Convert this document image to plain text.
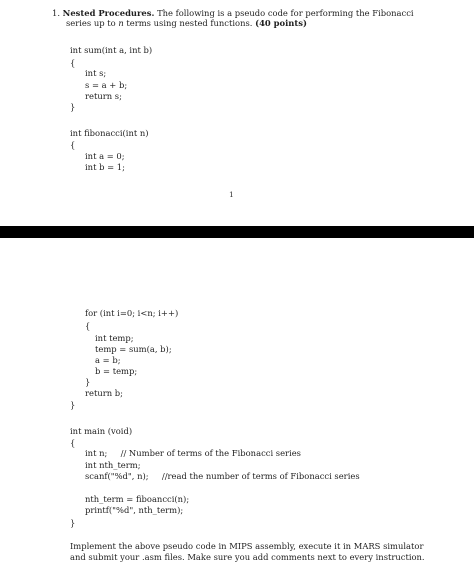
1. Nested Procedures. The following is a pseudo code for performing the Fibonacci
series up to n terms using nested functions. (40 points)
int sum(int a, int b)
{
int s;
s = a + b;
return s;
}
int fibonacci(int n)
{
int a = 0;
int b = 1;
1
for (int i=0; i<n; i++)
{
int temp;
temp = sum(a, b);
a = b;
b = temp;
}
return b;
}
int main (void)
{
int n;     // Number of terms of the Fibonacci series
int nth_term;
scanf("%d", n);     //read the number of terms of Fibonacci series
nth_term = fiboancci(n);
printf("%d", nth_term);
}
Implement the above pseudo code in MIPS assembly, execute it in MARS simulator
and submit your .asm files. Make sure you add comments next to every instruction.
